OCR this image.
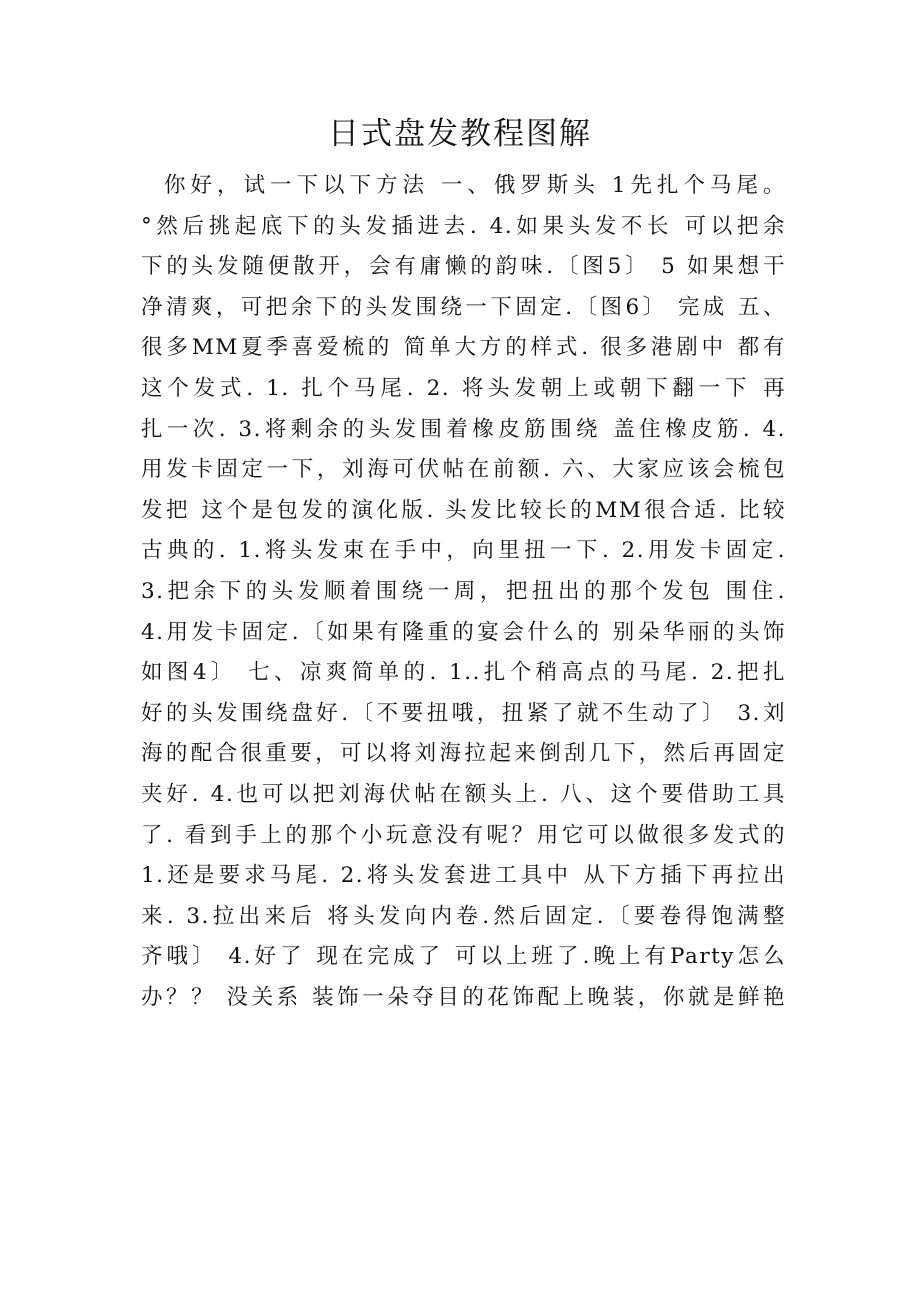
日式盘发教程图解
你好，试一下以下方法 一、俄罗斯头 1先扎个马尾。
°然后挑起底下的头发插进去. 4.如果头发不长 可以把余
下的头发随便散开，会有庸懒的韵味.〔图5〕 5 如果想干
净清爽，可把余下的头发围绕一下固定.〔图6〕 完成 五、
很多MM夏季喜爱梳的 简单大方的样式. 很多港剧中 都有
这个发式. 1. 扎个马尾. 2. 将头发朝上或朝下翻一下 再
扎一次. 3.将剩余的头发围着橡皮筋围绕 盖住橡皮筋. 4.
用发卡固定一下，刘海可伏帖在前额. 六、大家应该会梳包
发把 这个是包发的演化版. 头发比较长的MM很合适. 比较
古典的. 1.将头发束在手中，向里扭一下. 2.用发卡固定.
3.把余下的头发顺着围绕一周，把扭出的那个发包 围住.
4.用发卡固定.〔如果有隆重的宴会什么的 别朵华丽的头饰
如图4〕 七、凉爽简单的. 1..扎个稍高点的马尾. 2.把扎
好的头发围绕盘好.〔不要扭哦，扭紧了就不生动了〕 3.刘
海的配合很重要，可以将刘海拉起来倒刮几下，然后再固定
夹好. 4.也可以把刘海伏帖在额头上. 八、这个要借助工具
了. 看到手上的那个小玩意没有呢？用它可以做很多发式的
1.还是要求马尾. 2.将头发套进工具中 从下方插下再拉出
来. 3.拉出来后 将头发向内卷.然后固定.〔要卷得饱满整
齐哦〕 4.好了 现在完成了 可以上班了.晚上有Party怎么
办？？ 没关系 装饰一朵夺目的花饰配上晚装，你就是鲜艳
